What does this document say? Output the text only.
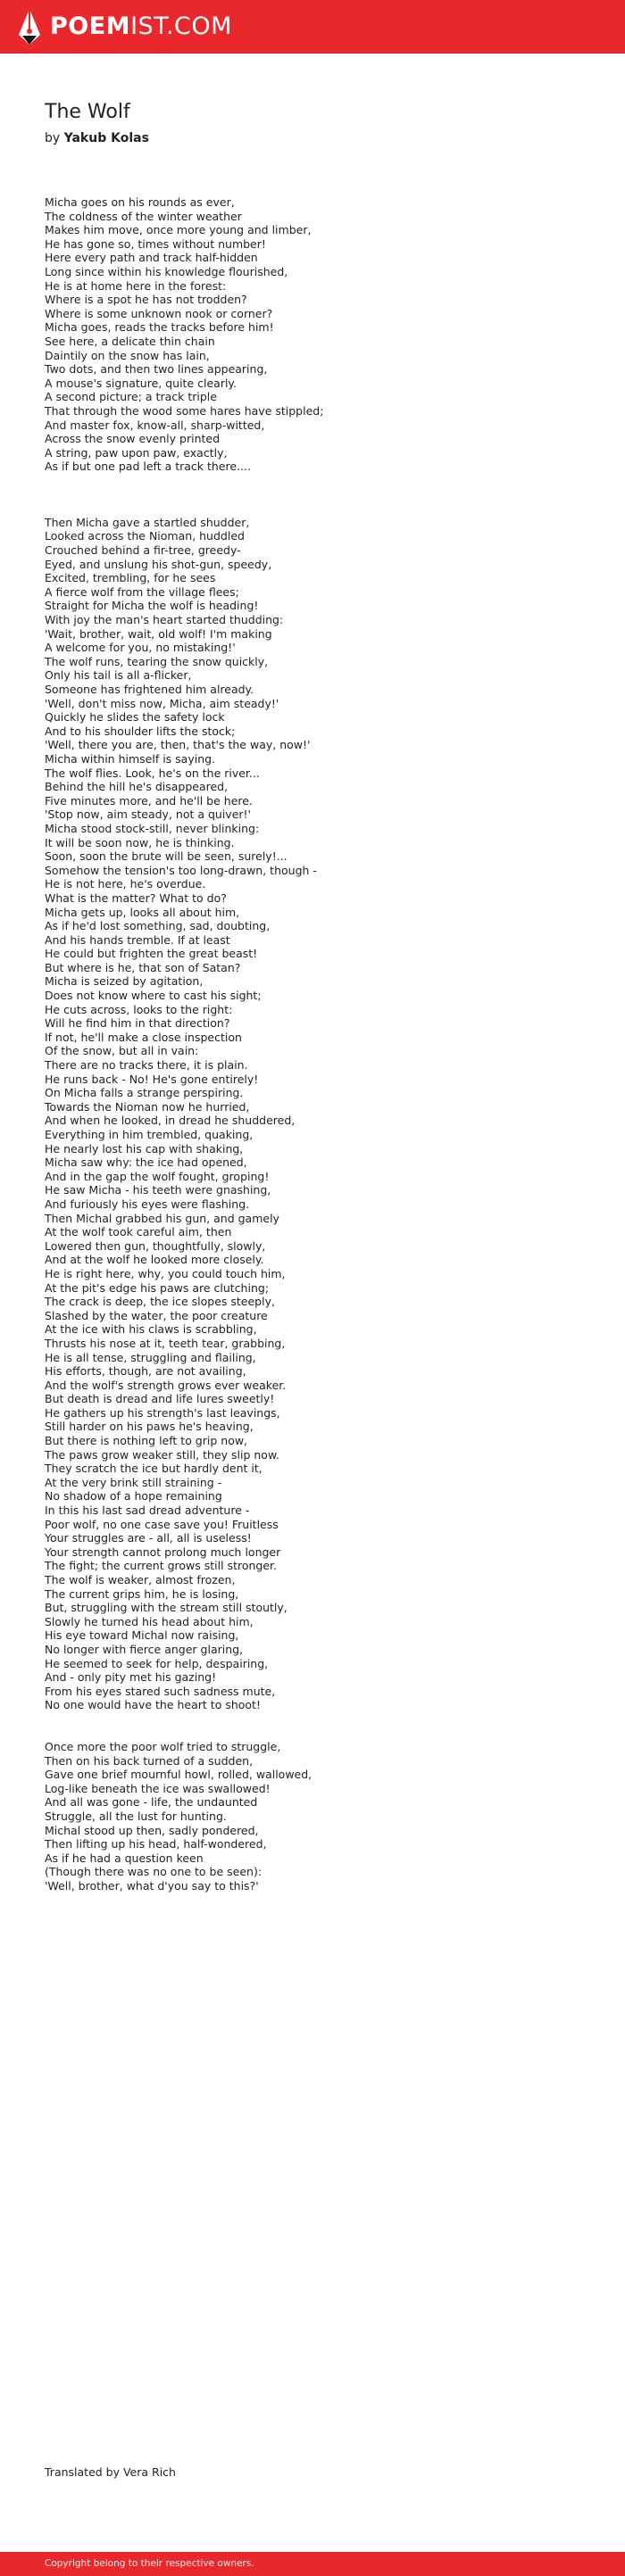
POEMIST.COM
The Wolf
by Yakub Kolas

Micha goes on his rounds as ever,
The coldness of the winter weather
Makes him move, once more young and limber,
He has gone so, times without number!
Here every path and track half-hidden
Long since within his knowledge flourished,
He is at home here in the forest:
Where is a spot he has not trodden?
Where is some unknown nook or corner?
Micha goes, reads the tracks before him!
See here, a delicate thin chain
Daintily on the snow has lain,
Two dots, and then two lines appearing,
A mouse's signature, quite clearly.
A second picture; a track triple
That through the wood some hares have stippled;
And master fox, know-all, sharp-witted,
Across the snow evenly printed
A string, paw upon paw, exactly,
As if but one pad left a track there....

Then Micha gave a startled shudder,
Looked across the Nioman, huddled
Crouched behind a fir-tree, greedy-
Eyed, and unslung his shot-gun, speedy,
Excited, trembling, for he sees
A fierce wolf from the village flees;
Straight for Micha the wolf is heading!
With joy the man's heart started thudding:
'Wait, brother, wait, old wolf! I'm making
A welcome for you, no mistaking!'
The wolf runs, tearing the snow quickly,
Only his tail is all a-flicker,
Someone has frightened him already.
'Well, don't miss now, Micha, aim steady!'
Quickly he slides the safety lock
And to his shoulder lifts the stock;
'Well, there you are, then, that's the way, now!'
Micha within himself is saying.
The wolf flies. Look, he's on the river...
Behind the hill he's disappeared,
Five minutes more, and he'll be here.
'Stop now, aim steady, not a quiver!'
Micha stood stock-still, never blinking:
It will be soon now, he is thinking.
Soon, soon the brute will be seen, surely!...
Somehow the tension's too long-drawn, though -
He is not here, he's overdue.
What is the matter? What to do?
Micha gets up, looks all about him,
As if he'd lost something, sad, doubting,
And his hands tremble. If at least
He could but frighten the great beast!
But where is he, that son of Satan?
Micha is seized by agitation,
Does not know where to cast his sight;
He cuts across, looks to the right:
Will he find him in that direction?
If not, he'll make a close inspection
Of the snow, but all in vain:
There are no tracks there, it is plain.
He runs back - No! He's gone entirely!
On Micha falls a strange perspiring.
Towards the Nioman now he hurried,
And when he looked, in dread he shuddered,
Everything in him trembled, quaking,
He nearly lost his cap with shaking,
Micha saw why: the ice had opened,
And in the gap the wolf fought, groping!
He saw Micha - his teeth were gnashing,
And furiously his eyes were flashing.
Then Michal grabbed his gun, and gamely
At the wolf took careful aim, then
Lowered then gun, thoughtfully, slowly,
And at the wolf he looked more closely.
He is right here, why, you could touch him,
At the pit's edge his paws are clutching;
The crack is deep, the ice slopes steeply,
Slashed by the water, the poor creature
At the ice with his claws is scrabbling,
Thrusts his nose at it, teeth tear, grabbing,
He is all tense, struggling and flailing,
His efforts, though, are not availing,
And the wolf's strength grows ever weaker.
But death is dread and life lures sweetly!
He gathers up his strength's last leavings,
Still harder on his paws he's heaving,
But there is nothing left to grip now,
The paws grow weaker still, they slip now.
They scratch the ice but hardly dent it,
At the very brink still straining -
No shadow of a hope remaining
In this his last sad dread adventure -
Poor wolf, no one case save you! Fruitless
Your struggles are - all, all is useless!
Your strength cannot prolong much longer
The fight; the current grows still stronger.
The wolf is weaker, almost frozen,
The current grips him, he is losing,
But, struggling with the stream still stoutly,
Slowly he turned his head about him,
His eye toward Michal now raising,
No longer with fierce anger glaring,
He seemed to seek for help, despairing,
And - only pity met his gazing!
From his eyes stared such sadness mute,
No one would have the heart to shoot!

Once more the poor wolf tried to struggle,
Then on his back turned of a sudden,
Gave one brief mournful howl, rolled, wallowed,
Log-like beneath the ice was swallowed!
And all was gone - life, the undaunted
Struggle, all the lust for hunting.
Michal stood up then, sadly pondered,
Then lifting up his head, half-wondered,
As if he had a question keen
(Though there was no one to be seen):
'Well, brother, what d'you say to this?'

Translated by Vera Rich
Copyright belong to their respective owners.
